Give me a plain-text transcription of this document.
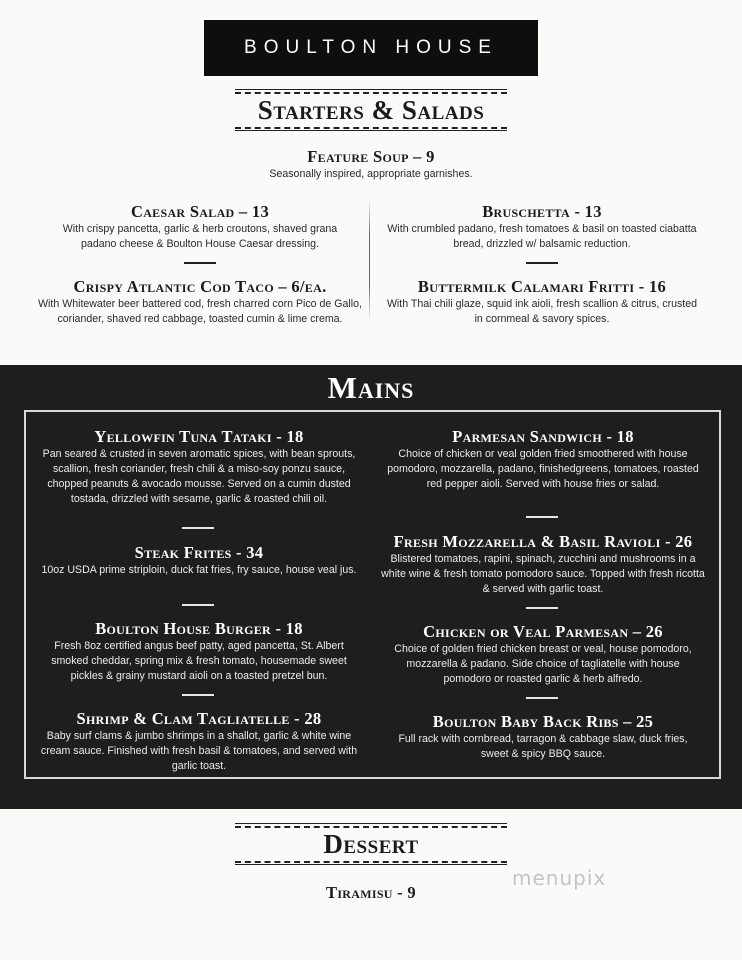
BOULTON HOUSE
Starters & Salads
Feature Soup – 9
Seasonally inspired, appropriate garnishes.
Caesar Salad – 13
With crispy pancetta, garlic & herb croutons, shaved grana padano cheese & Boulton House Caesar dressing.
Crispy Atlantic Cod Taco – 6/ea.
With Whitewater beer battered cod, fresh charred corn Pico de Gallo, coriander, shaved red cabbage, toasted cumin & lime crema.
Bruschetta - 13
With crumbled padano, fresh tomatoes & basil on toasted ciabatta bread, drizzled w/ balsamic reduction.
Buttermilk Calamari Fritti - 16
With Thai chili glaze, squid ink aioli, fresh scallion & citrus, crusted in cornmeal & savory spices.
Mains
Yellowfin Tuna Tataki - 18
Pan seared & crusted in seven aromatic spices, with bean sprouts, scallion, fresh coriander, fresh chili & a miso-soy ponzu sauce, chopped peanuts & avocado mousse. Served on a cumin dusted tostada, drizzled with sesame, garlic & roasted chili oil.
Steak Frites - 34
10oz USDA prime striploin, duck fat fries, fry sauce, house veal jus.
Boulton House Burger - 18
Fresh 8oz certified angus beef patty, aged pancetta, St. Albert smoked cheddar, spring mix & fresh tomato, housemade sweet pickles & grainy mustard aioli on a toasted pretzel bun.
Shrimp & Clam Tagliatelle - 28
Baby surf clams & jumbo shrimps in a shallot, garlic & white wine cream sauce. Finished with fresh basil & tomatoes, and served with garlic toast.
Parmesan Sandwich - 18
Choice of chicken or veal golden fried smoothered with house pomodoro, mozzarella, padano, finishedgreens, tomatoes, roasted red pepper aioli. Served with house fries or salad.
Fresh Mozzarella & Basil Ravioli - 26
Blistered tomatoes, rapini, spinach, zucchini and mushrooms in a white wine & fresh tomato pomodoro sauce. Topped with fresh ricotta & served with garlic toast.
Chicken or Veal Parmesan – 26
Choice of golden fried chicken breast or veal, house pomodoro, mozzarella & padano. Side choice of tagliatelle with house pomodoro or roasted garlic & herb alfredo.
Boulton Baby Back Ribs – 25
Full rack with cornbread, tarragon & cabbage slaw, duck fries, sweet & spicy BBQ sauce.
Dessert
Tiramisu - 9
menupix
